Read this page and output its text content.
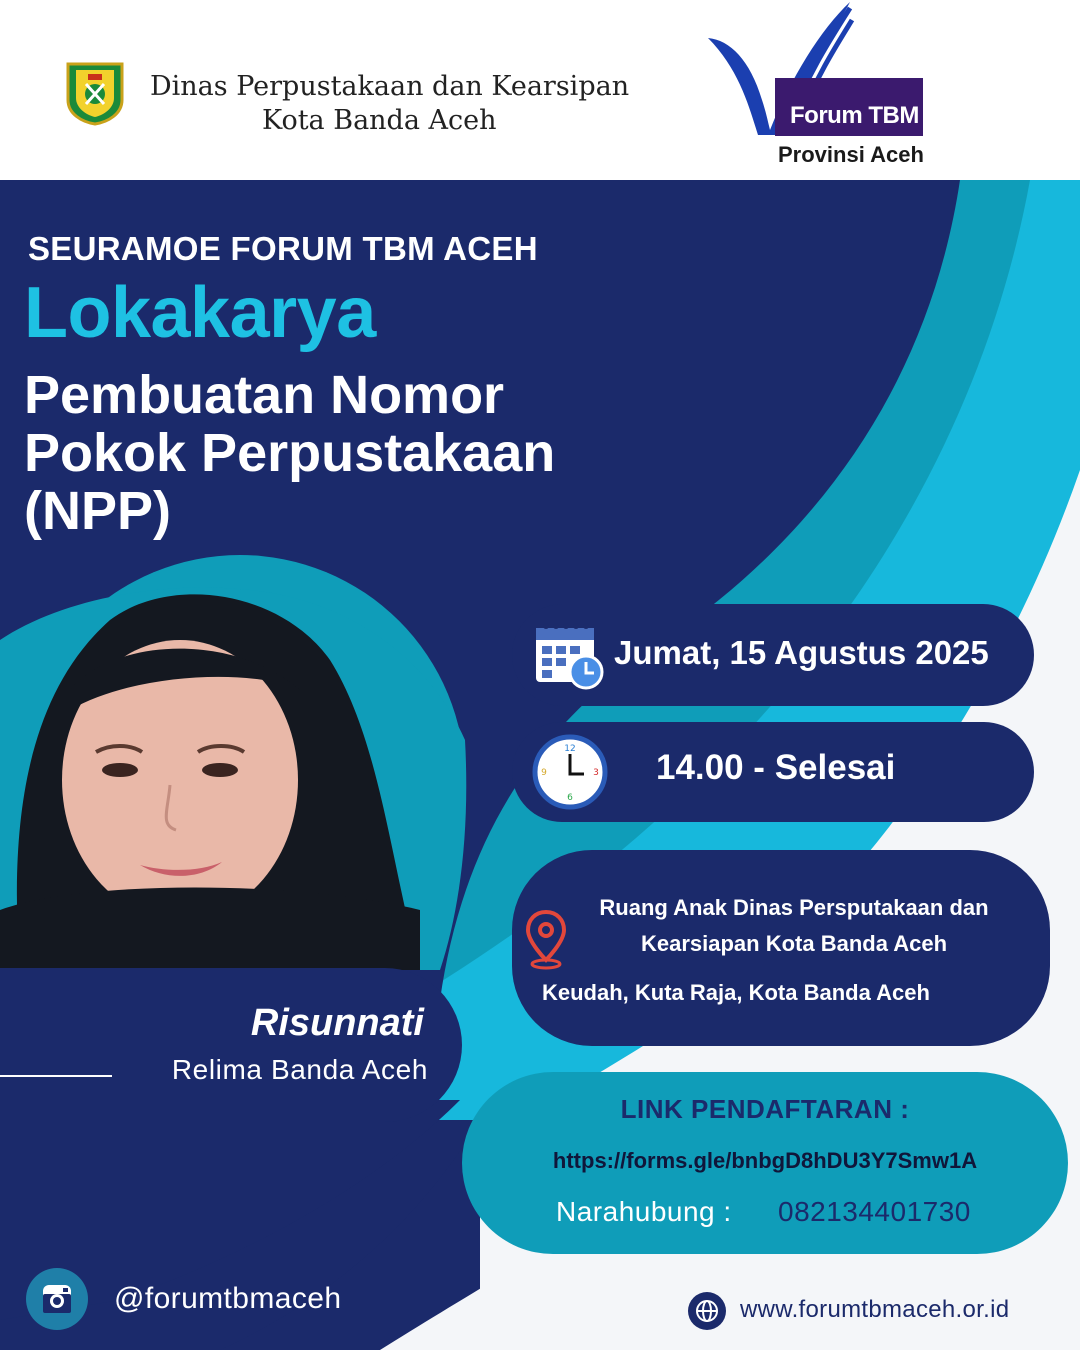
Dinas Perpustakaan dan Kearsipan
Kota Banda Aceh	Forum TBM
Provinsi Aceh
SEURAMOE FORUM TBM ACEH
Lokakarya
Pembuatan Nomor Pokok Perpustakaan (NPP)
Risunnati
Relima Banda Aceh
Jumat, 15 Agustus 2025
12
3
6
9	14.00 - Selesai
Ruang Anak Dinas Persputakaan dan Kearsiapan Kota Banda Aceh
Keudah, Kuta Raja, Kota Banda Aceh
LINK PENDAFTARAN :
https://forms.gle/bnbgD8hDU3Y7Smw1A
Narahubung : 082134401730
@forumtbmaceh	www.forumtbmaceh.or.id
